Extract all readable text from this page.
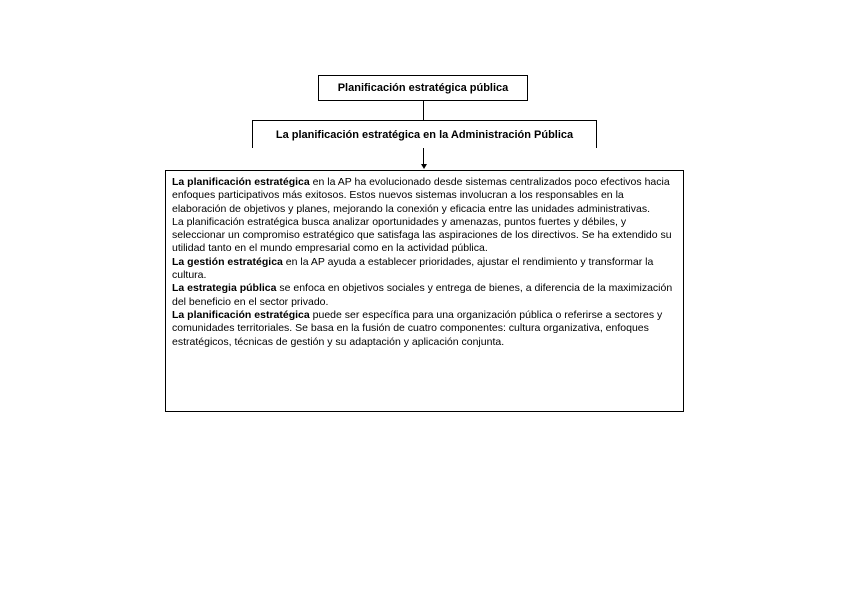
Planificación estratégica pública
La planificación estratégica en la Administración Pública

La planificación estratégica en la AP ha evolucionado desde sistemas centralizados poco efectivos hacia enfoques participativos más exitosos. Estos nuevos sistemas involucran a los responsables en la elaboración de objetivos y planes, mejorando la conexión y eficacia entre las unidades administrativas.

La planificación estratégica busca analizar oportunidades y amenazas, puntos fuertes y débiles, y seleccionar un compromiso estratégico que satisfaga las aspiraciones de los directivos. Se ha extendido su utilidad tanto en el mundo empresarial como en la actividad pública.

La gestión estratégica en la AP ayuda a establecer prioridades, ajustar el rendimiento y transformar la cultura.

La estrategia pública se enfoca en objetivos sociales y entrega de bienes, a diferencia de la maximización del beneficio en el sector privado.

La planificación estratégica puede ser específica para una organización pública o referirse a sectores y comunidades territoriales. Se basa en la fusión de cuatro componentes: cultura organizativa, enfoques estratégicos, técnicas de gestión y su adaptación y aplicación conjunta.
